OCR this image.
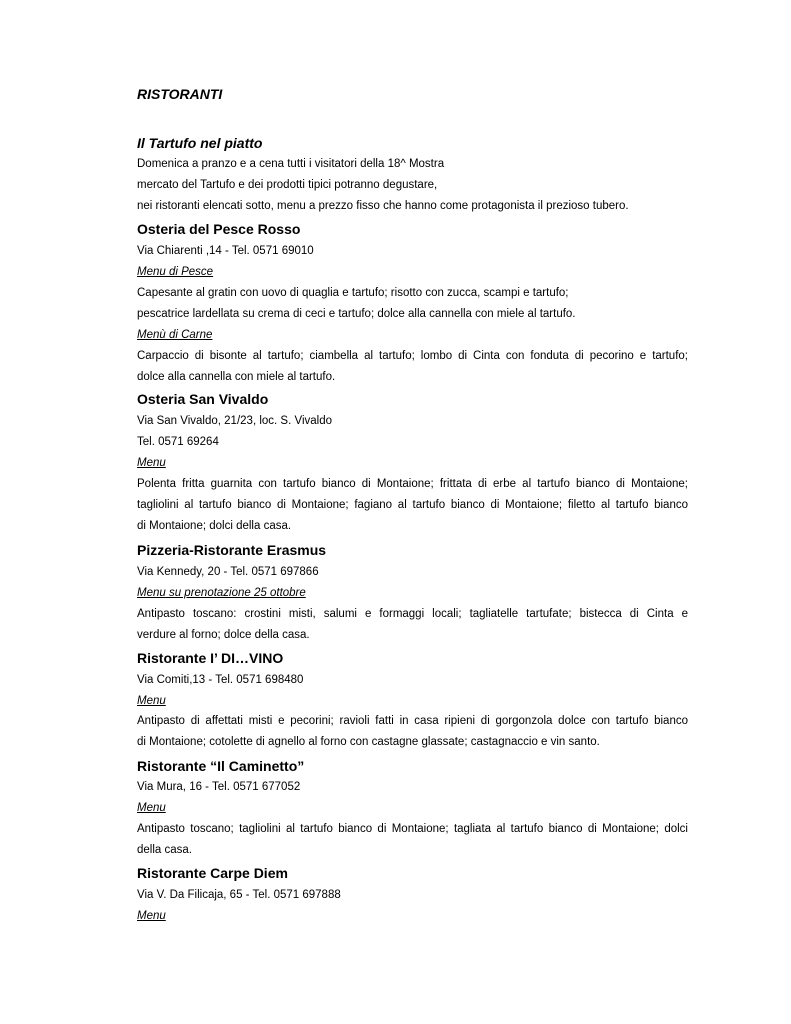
RISTORANTI
Il Tartufo nel piatto
Domenica a pranzo e a cena tutti i visitatori della 18^ Mostra
mercato del Tartufo e dei prodotti tipici potranno degustare,
nei ristoranti elencati sotto, menu a prezzo fisso che hanno come protagonista il prezioso tubero.
Osteria del Pesce Rosso
Via Chiarenti ,14 - Tel. 0571 69010
Menu di Pesce
Capesante al gratin con uovo di quaglia e tartufo; risotto con zucca, scampi e tartufo;
pescatrice lardellata su crema di ceci e tartufo; dolce alla cannella con miele al tartufo.
Menù di Carne
Carpaccio di bisonte al tartufo; ciambella al tartufo; lombo di Cinta con fonduta di pecorino e tartufo;
dolce alla cannella con miele al tartufo.
Osteria San Vivaldo
Via San Vivaldo, 21/23, loc. S. Vivaldo
Tel. 0571 69264
Menu
Polenta fritta guarnita con tartufo bianco di Montaione; frittata di erbe al tartufo bianco di Montaione;
tagliolini al tartufo bianco di Montaione; fagiano al tartufo bianco di Montaione; filetto al tartufo bianco
di Montaione; dolci della casa.
Pizzeria-Ristorante Erasmus
Via Kennedy, 20 - Tel. 0571 697866
Menu su prenotazione 25 ottobre
Antipasto toscano: crostini misti, salumi e formaggi locali; tagliatelle tartufate; bistecca di Cinta e
verdure al forno; dolce della casa.
Ristorante I’ DI…VINO
Via Comiti,13 - Tel. 0571 698480
Menu
Antipasto di affettati misti e pecorini; ravioli fatti in casa ripieni di gorgonzola dolce con tartufo bianco
di Montaione; cotolette di agnello al forno con castagne glassate; castagnaccio e vin santo.
Ristorante “Il Caminetto”
Via Mura, 16 - Tel. 0571 677052
Menu
Antipasto toscano; tagliolini al tartufo bianco di Montaione; tagliata al tartufo bianco di Montaione; dolci
della casa.
Ristorante Carpe Diem
Via V. Da Filicaja, 65 - Tel. 0571 697888
Menu
